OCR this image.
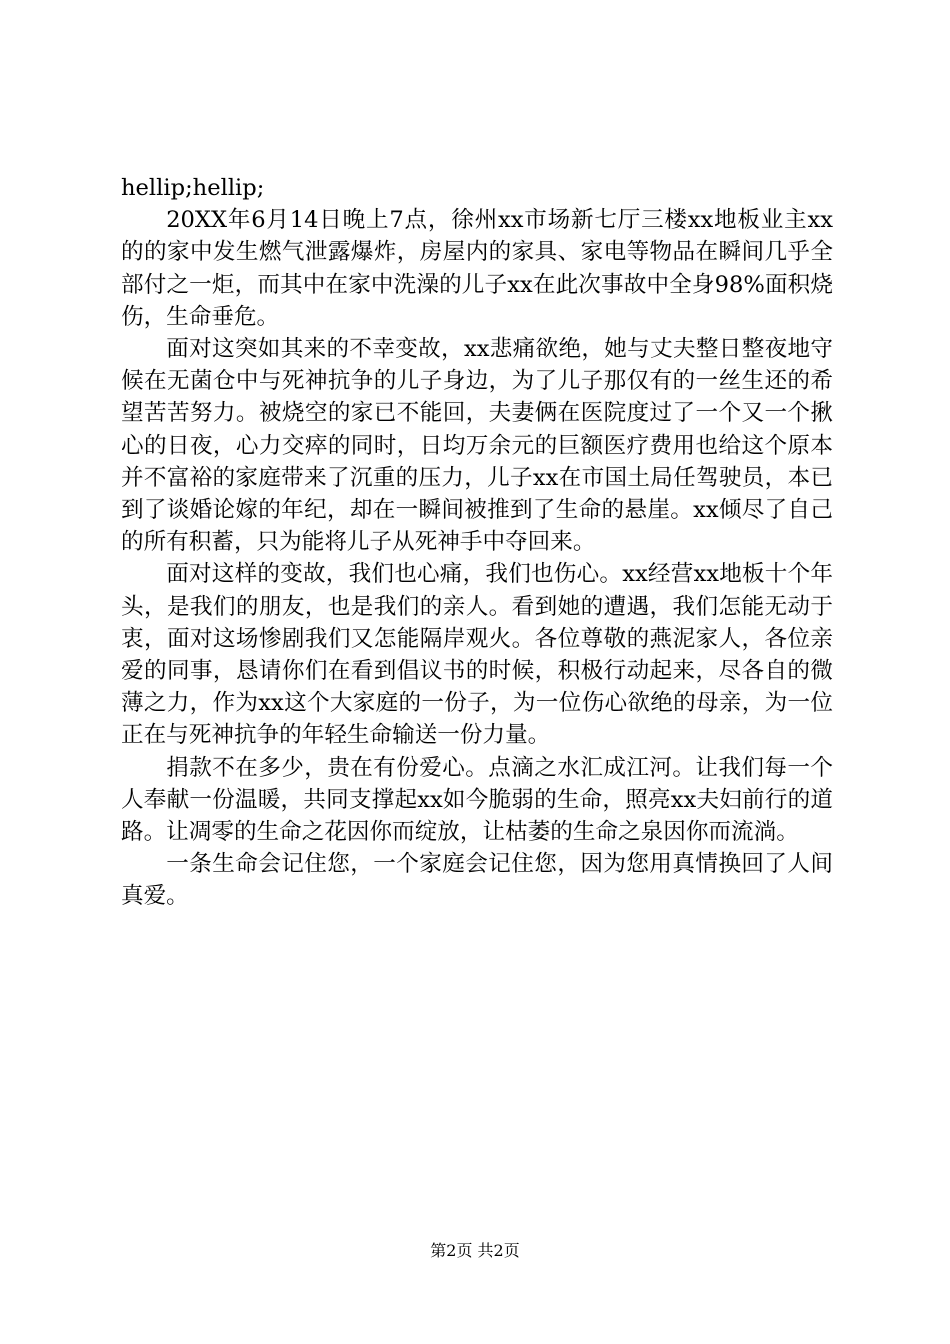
hellip;hellip;

20XX年6月14日晚上7点，徐州xx市场新七厅三楼xx地板业主xx的的家中发生燃气泄露爆炸，房屋内的家具、家电等物品在瞬间几乎全部付之一炬，而其中在家中洗澡的儿子xx在此次事故中全身98%面积烧伤，生命垂危。

面对这突如其来的不幸变故，xx悲痛欲绝，她与丈夫整日整夜地守候在无菌仓中与死神抗争的儿子身边，为了儿子那仅有的一丝生还的希望苦苦努力。被烧空的家已不能回，夫妻俩在医院度过了一个又一个揪心的日夜，心力交瘁的同时，日均万余元的巨额医疗费用也给这个原本并不富裕的家庭带来了沉重的压力，儿子xx在市国土局任驾驶员，本已到了谈婚论嫁的年纪，却在一瞬间被推到了生命的悬崖。xx倾尽了自己的所有积蓄，只为能将儿子从死神手中夺回来。

面对这样的变故，我们也心痛，我们也伤心。xx经营xx地板十个年头，是我们的朋友，也是我们的亲人。看到她的遭遇，我们怎能无动于衷，面对这场惨剧我们又怎能隔岸观火。各位尊敬的燕泥家人，各位亲爱的同事，恳请你们在看到倡议书的时候，积极行动起来，尽各自的微薄之力，作为xx这个大家庭的一份子，为一位伤心欲绝的母亲，为一位正在与死神抗争的年轻生命输送一份力量。

捐款不在多少，贵在有份爱心。点滴之水汇成江河。让我们每一个人奉献一份温暖，共同支撑起xx如今脆弱的生命，照亮xx夫妇前行的道路。让凋零的生命之花因你而绽放，让枯萎的生命之泉因你而流淌。

一条生命会记住您，一个家庭会记住您，因为您用真情换回了人间真爱。

第2页 共2页
